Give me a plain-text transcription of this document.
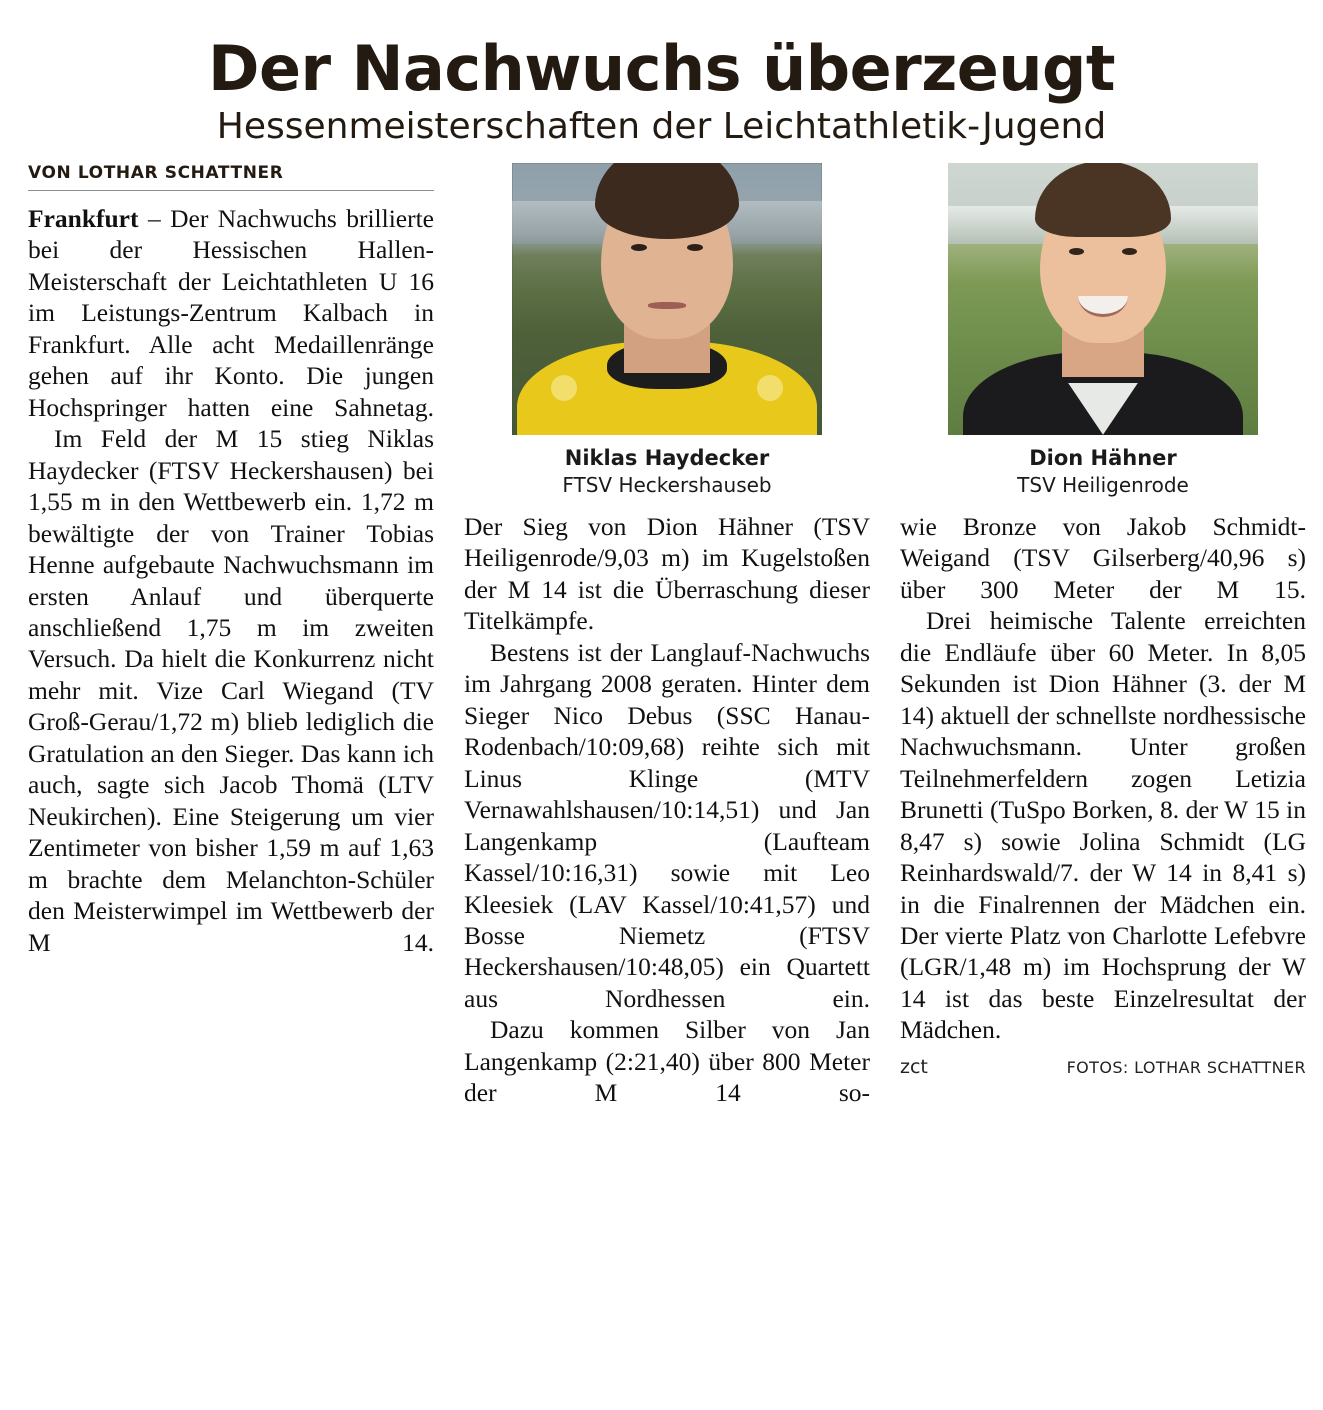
Der Nachwuchs überzeugt
Hessenmeisterschaften der Leichtathletik-Jugend
VON LOTHAR SCHATTNER

Frankfurt – Der Nachwuchs brillierte bei der Hessischen Hallen-Meisterschaft der Leichtathleten U 16 im Leistungs-Zentrum Kalbach in Frankfurt. Alle acht Medaillenränge gehen auf ihr Konto. Die jungen Hochspringer hatten eine Sahnetag.

Im Feld der M 15 stieg Niklas Haydecker (FTSV Heckershausen) bei 1,55 m in den Wettbewerb ein. 1,72 m bewältigte der von Trainer Tobias Henne aufgebaute Nachwuchsmann im ersten Anlauf und überquerte anschließend 1,75 m im zweiten Versuch. Da hielt die Konkurrenz nicht mehr mit. Vize Carl Wiegand (TV Groß-Gerau/1,72 m) blieb lediglich die Gratulation an den Sieger. Das kann ich auch, sagte sich Jacob Thomä (LTV Neukirchen). Eine Steigerung um vier Zentimeter von bisher 1,59 m auf 1,63 m brachte dem Melanchton-Schüler den Meisterwimpel im Wettbewerb der M 14.

Niklas Haydecker
FTSV Heckershauseb

Der Sieg von Dion Hähner (TSV Heiligenrode/9,03 m) im Kugelstoßen der M 14 ist die Überraschung dieser Titelkämpfe.

Bestens ist der Langlauf-Nachwuchs im Jahrgang 2008 geraten. Hinter dem Sieger Nico Debus (SSC Hanau-Rodenbach/10:09,68) reihte sich mit Linus Klinge (MTV Vernawahlshausen/10:14,51) und Jan Langenkamp (Laufteam Kassel/10:16,31) sowie mit Leo Kleesiek (LAV Kassel/10:41,57) und Bosse Niemetz (FTSV Heckershausen/10:48,05) ein Quartett aus Nordhessen ein.

Dazu kommen Silber von Jan Langenkamp (2:21,40) über 800 Meter der M 14 so-

Dion Hähner
TSV Heiligenrode

wie Bronze von Jakob Schmidt-Weigand (TSV Gilserberg/40,96 s) über 300 Meter der M 15.

Drei heimische Talente erreichten die Endläufe über 60 Meter. In 8,05 Sekunden ist Dion Hähner (3. der M 14) aktuell der schnellste nordhessische Nachwuchsmann. Unter großen Teilnehmerfeldern zogen Letizia Brunetti (TuSpo Borken, 8. der W 15 in 8,47 s) sowie Jolina Schmidt (LG Reinhardswald/7. der W 14 in 8,41 s) in die Finalrennen der Mädchen ein. Der vierte Platz von Charlotte Lefebvre (LGR/1,48 m) im Hochsprung der W 14 ist das beste Einzelresultat der Mädchen.

zct	FOTOS: LOTHAR SCHATTNER
